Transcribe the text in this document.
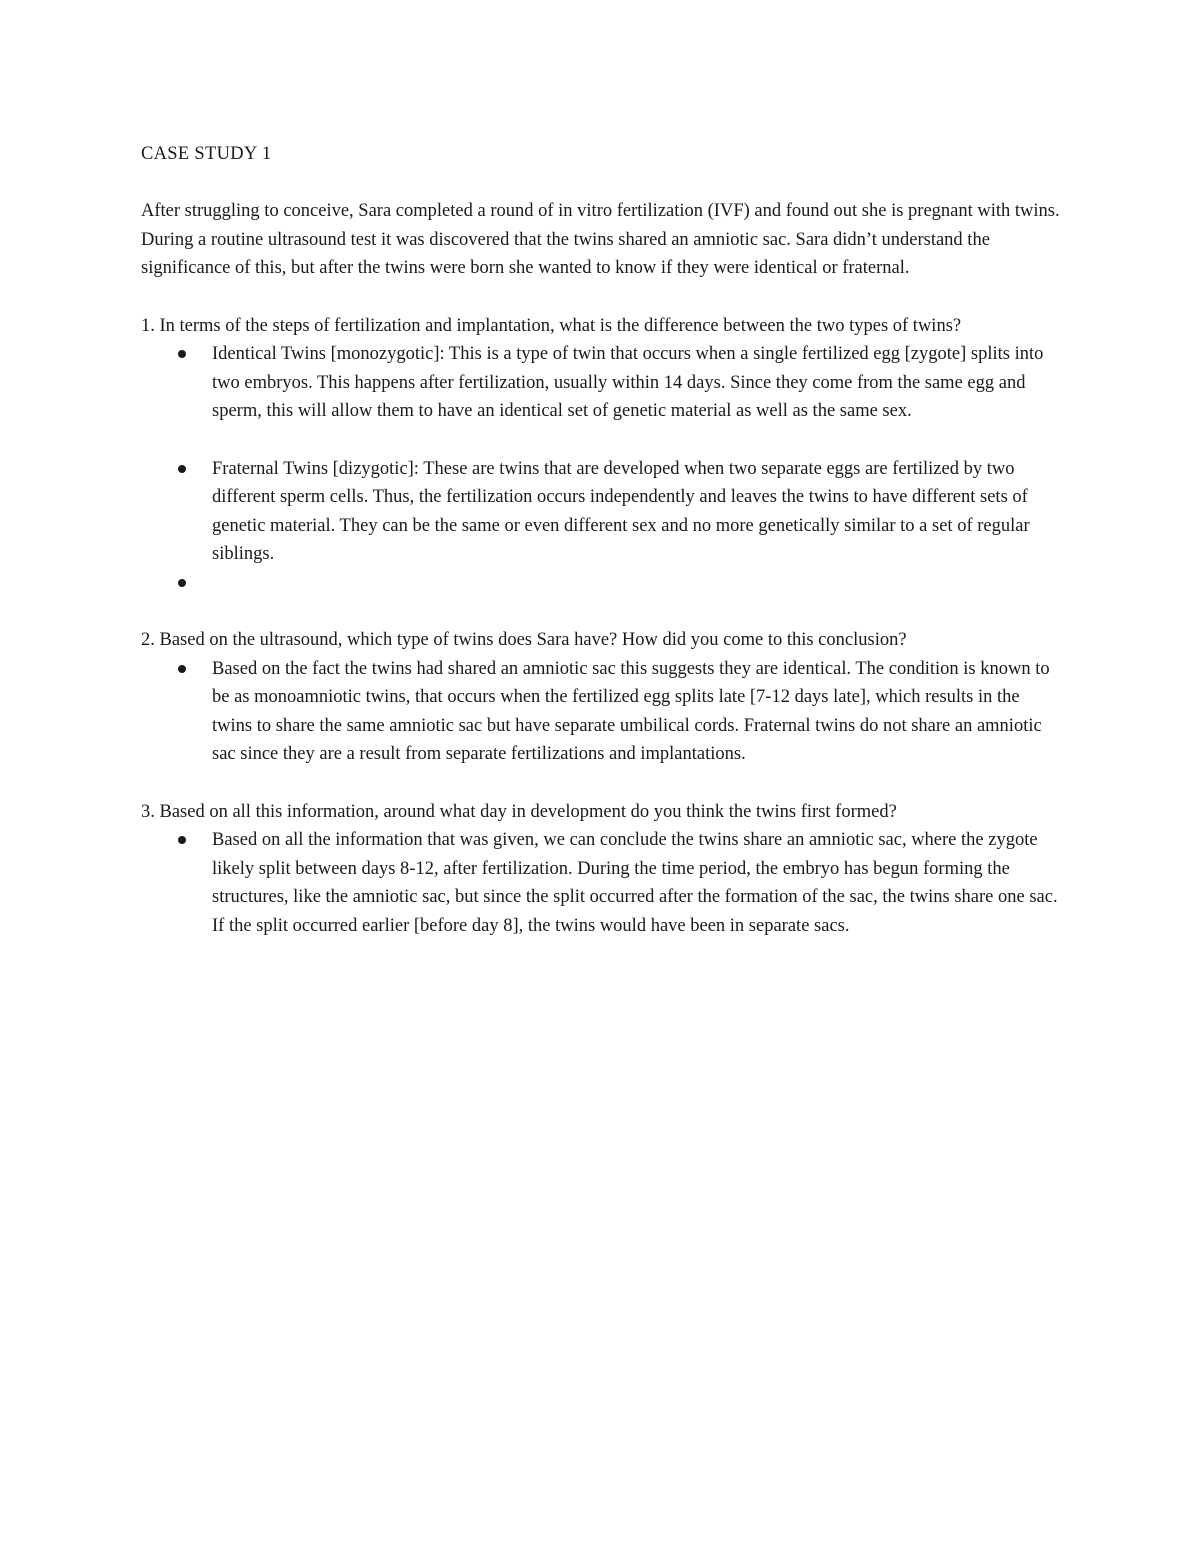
CASE STUDY 1

After struggling to conceive, Sara completed a round of in vitro fertilization (IVF) and found out she is pregnant with twins. During a routine ultrasound test it was discovered that the twins shared an amniotic sac. Sara didn’t understand the significance of this, but after the twins were born she wanted to know if they were identical or fraternal.

1. In terms of the steps of fertilization and implantation, what is the difference between the two types of twins?

Identical Twins [monozygotic]: This is a type of twin that occurs when a single fertilized egg [zygote] splits into two embryos. This happens after fertilization, usually within 14 days. Since they come from the same egg and sperm, this will allow them to have an identical set of genetic material as well as the same sex.
Fraternal Twins [dizygotic]: These are twins that are developed when two separate eggs are fertilized by two different sperm cells. Thus, the fertilization occurs independently and leaves the twins to have different sets of genetic material. They can be the same or even different sex and no more genetically similar to a set of regular siblings.

2. Based on the ultrasound, which type of twins does Sara have? How did you come to this conclusion?

Based on the fact the twins had shared an amniotic sac this suggests they are identical. The condition is known to be as monoamniotic twins, that occurs when the fertilized egg splits late [7-12 days late], which results in the twins to share the same amniotic sac but have separate umbilical cords. Fraternal twins do not share an amniotic sac since they are a result from separate fertilizations and implantations.

3. Based on all this information, around what day in development do you think the twins first formed?

Based on all the information that was given, we can conclude the twins share an amniotic sac, where the zygote likely split between days 8-12, after fertilization. During the time period, the embryo has begun forming the structures, like the amniotic sac, but since the split occurred after the formation of the sac, the twins share one sac. If the split occurred earlier [before day 8], the twins would have been in separate sacs.
